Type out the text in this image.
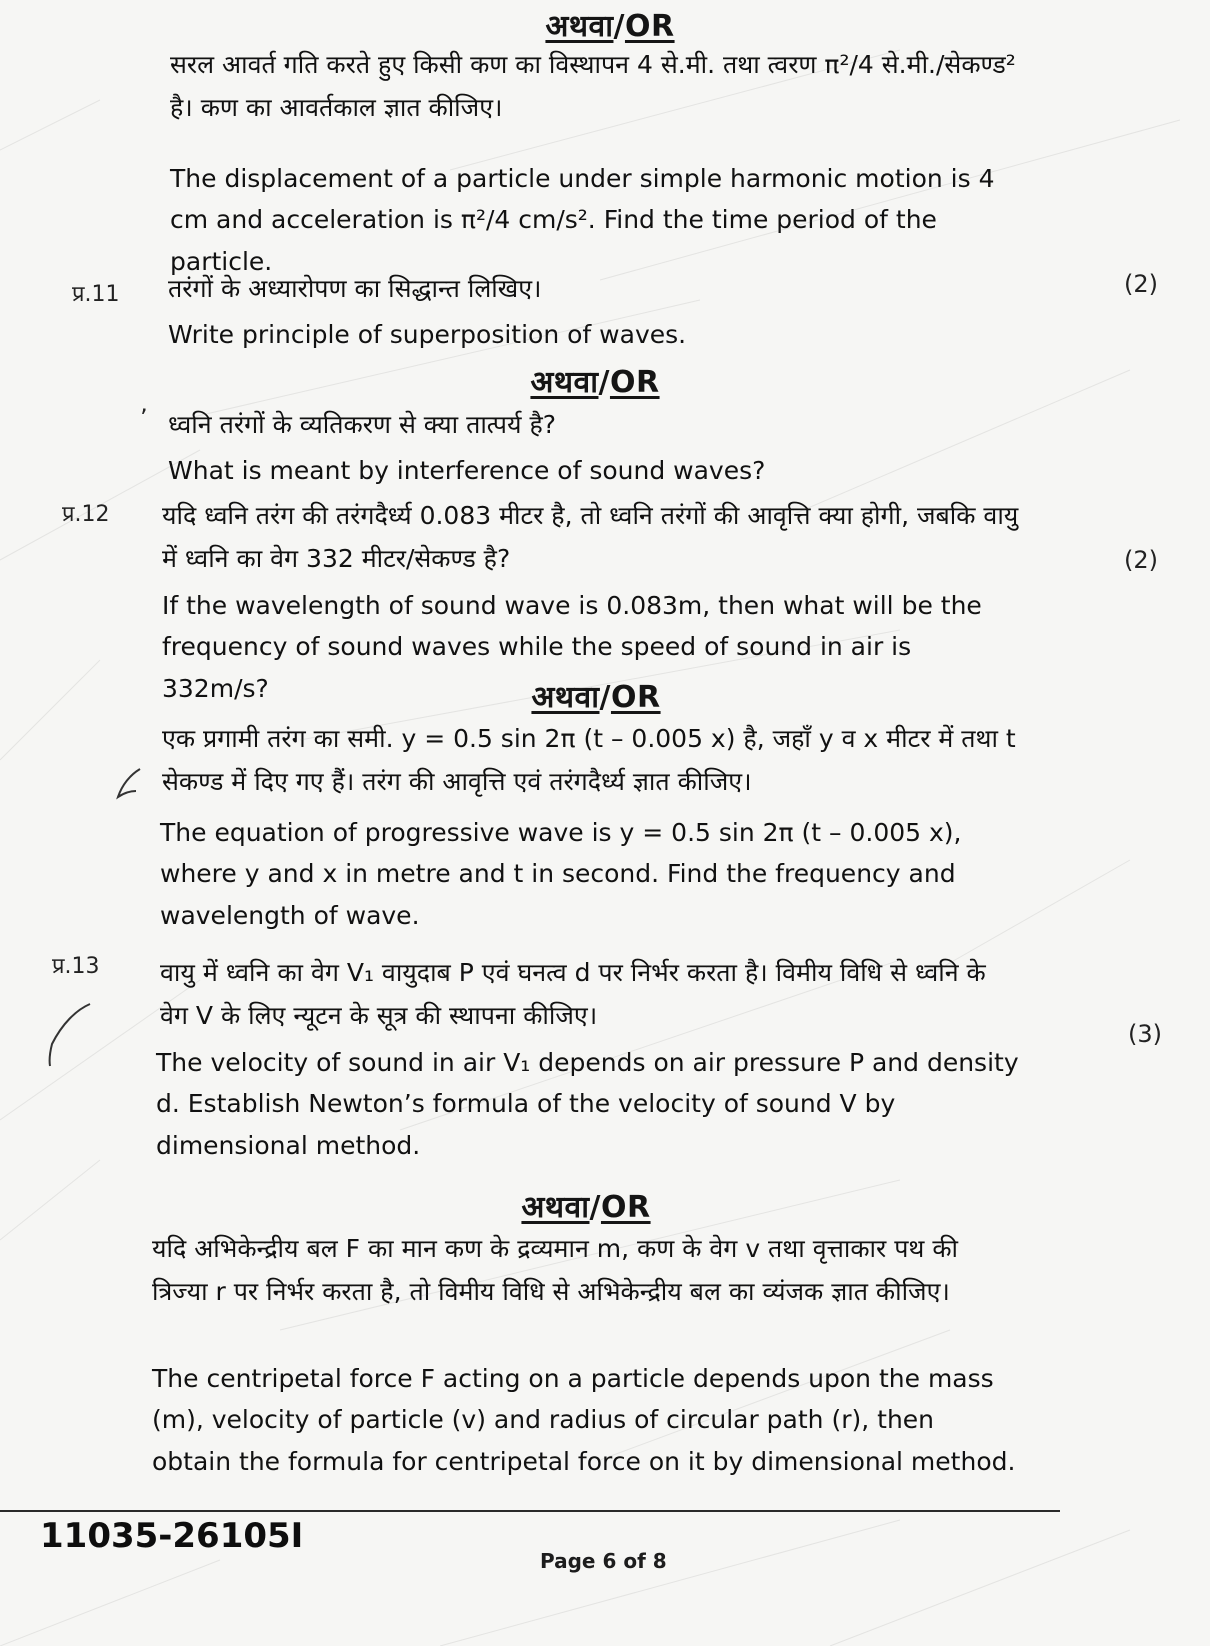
अथवा/OR
सरल आवर्त गति करते हुए किसी कण का विस्थापन 4 से.मी. तथा त्वरण π²/4 से.मी./सेकण्ड² है। कण का आवर्तकाल ज्ञात कीजिए।
The displacement of a particle under simple harmonic motion is 4 cm and acceleration is π²/4 cm/s². Find the time period of the particle.
प्र.11	(2)
तरंगों के अध्यारोपण का सिद्धान्त लिखिए।
Write principle of superposition of waves.
अथवा/OR
ʼ ध्वनि तरंगों के व्यतिकरण से क्या तात्पर्य है?
What is meant by interference of sound waves?
प्र.12
(2)
यदि ध्वनि तरंग की तरंगदैर्ध्य 0.083 मीटर है, तो ध्वनि तरंगों की आवृत्ति क्या होगी, जबकि वायु में ध्वनि का वेग 332 मीटर/सेकण्ड है?
If the wavelength of sound wave is 0.083m, then what will be the frequency of sound waves while the speed of sound in air is 332m/s?	अथवा/OR
एक प्रगामी तरंग का समी. y = 0.5 sin 2π (t – 0.005 x) है, जहाँ y व x मीटर में तथा t सेकण्ड में दिए गए हैं। तरंग की आवृत्ति एवं तरंगदैर्ध्य ज्ञात कीजिए।
The equation of progressive wave is y = 0.5 sin 2π (t – 0.005 x), where y and x in metre and t in second. Find the frequency and wavelength of wave.
प्र.13
(3)
वायु में ध्वनि का वेग V₁ वायुदाब P एवं घनत्व d पर निर्भर करता है। विमीय विधि से ध्वनि के वेग V के लिए न्यूटन के सूत्र की स्थापना कीजिए।
The velocity of sound in air V₁ depends on air pressure P and density d. Establish Newton’s formula of the velocity of sound V by dimensional method.
अथवा/OR
यदि अभिकेन्द्रीय बल F का मान कण के द्रव्यमान m, कण के वेग v तथा वृत्ताकार पथ की त्रिज्या r पर निर्भर करता है, तो विमीय विधि से अभिकेन्द्रीय बल का व्यंजक ज्ञात कीजिए।
The centripetal force F acting on a particle depends upon the mass (m), velocity of particle (v) and radius of circular path (r), then obtain the formula for centripetal force on it by dimensional method.
11035-26105I
Page 6 of 8
